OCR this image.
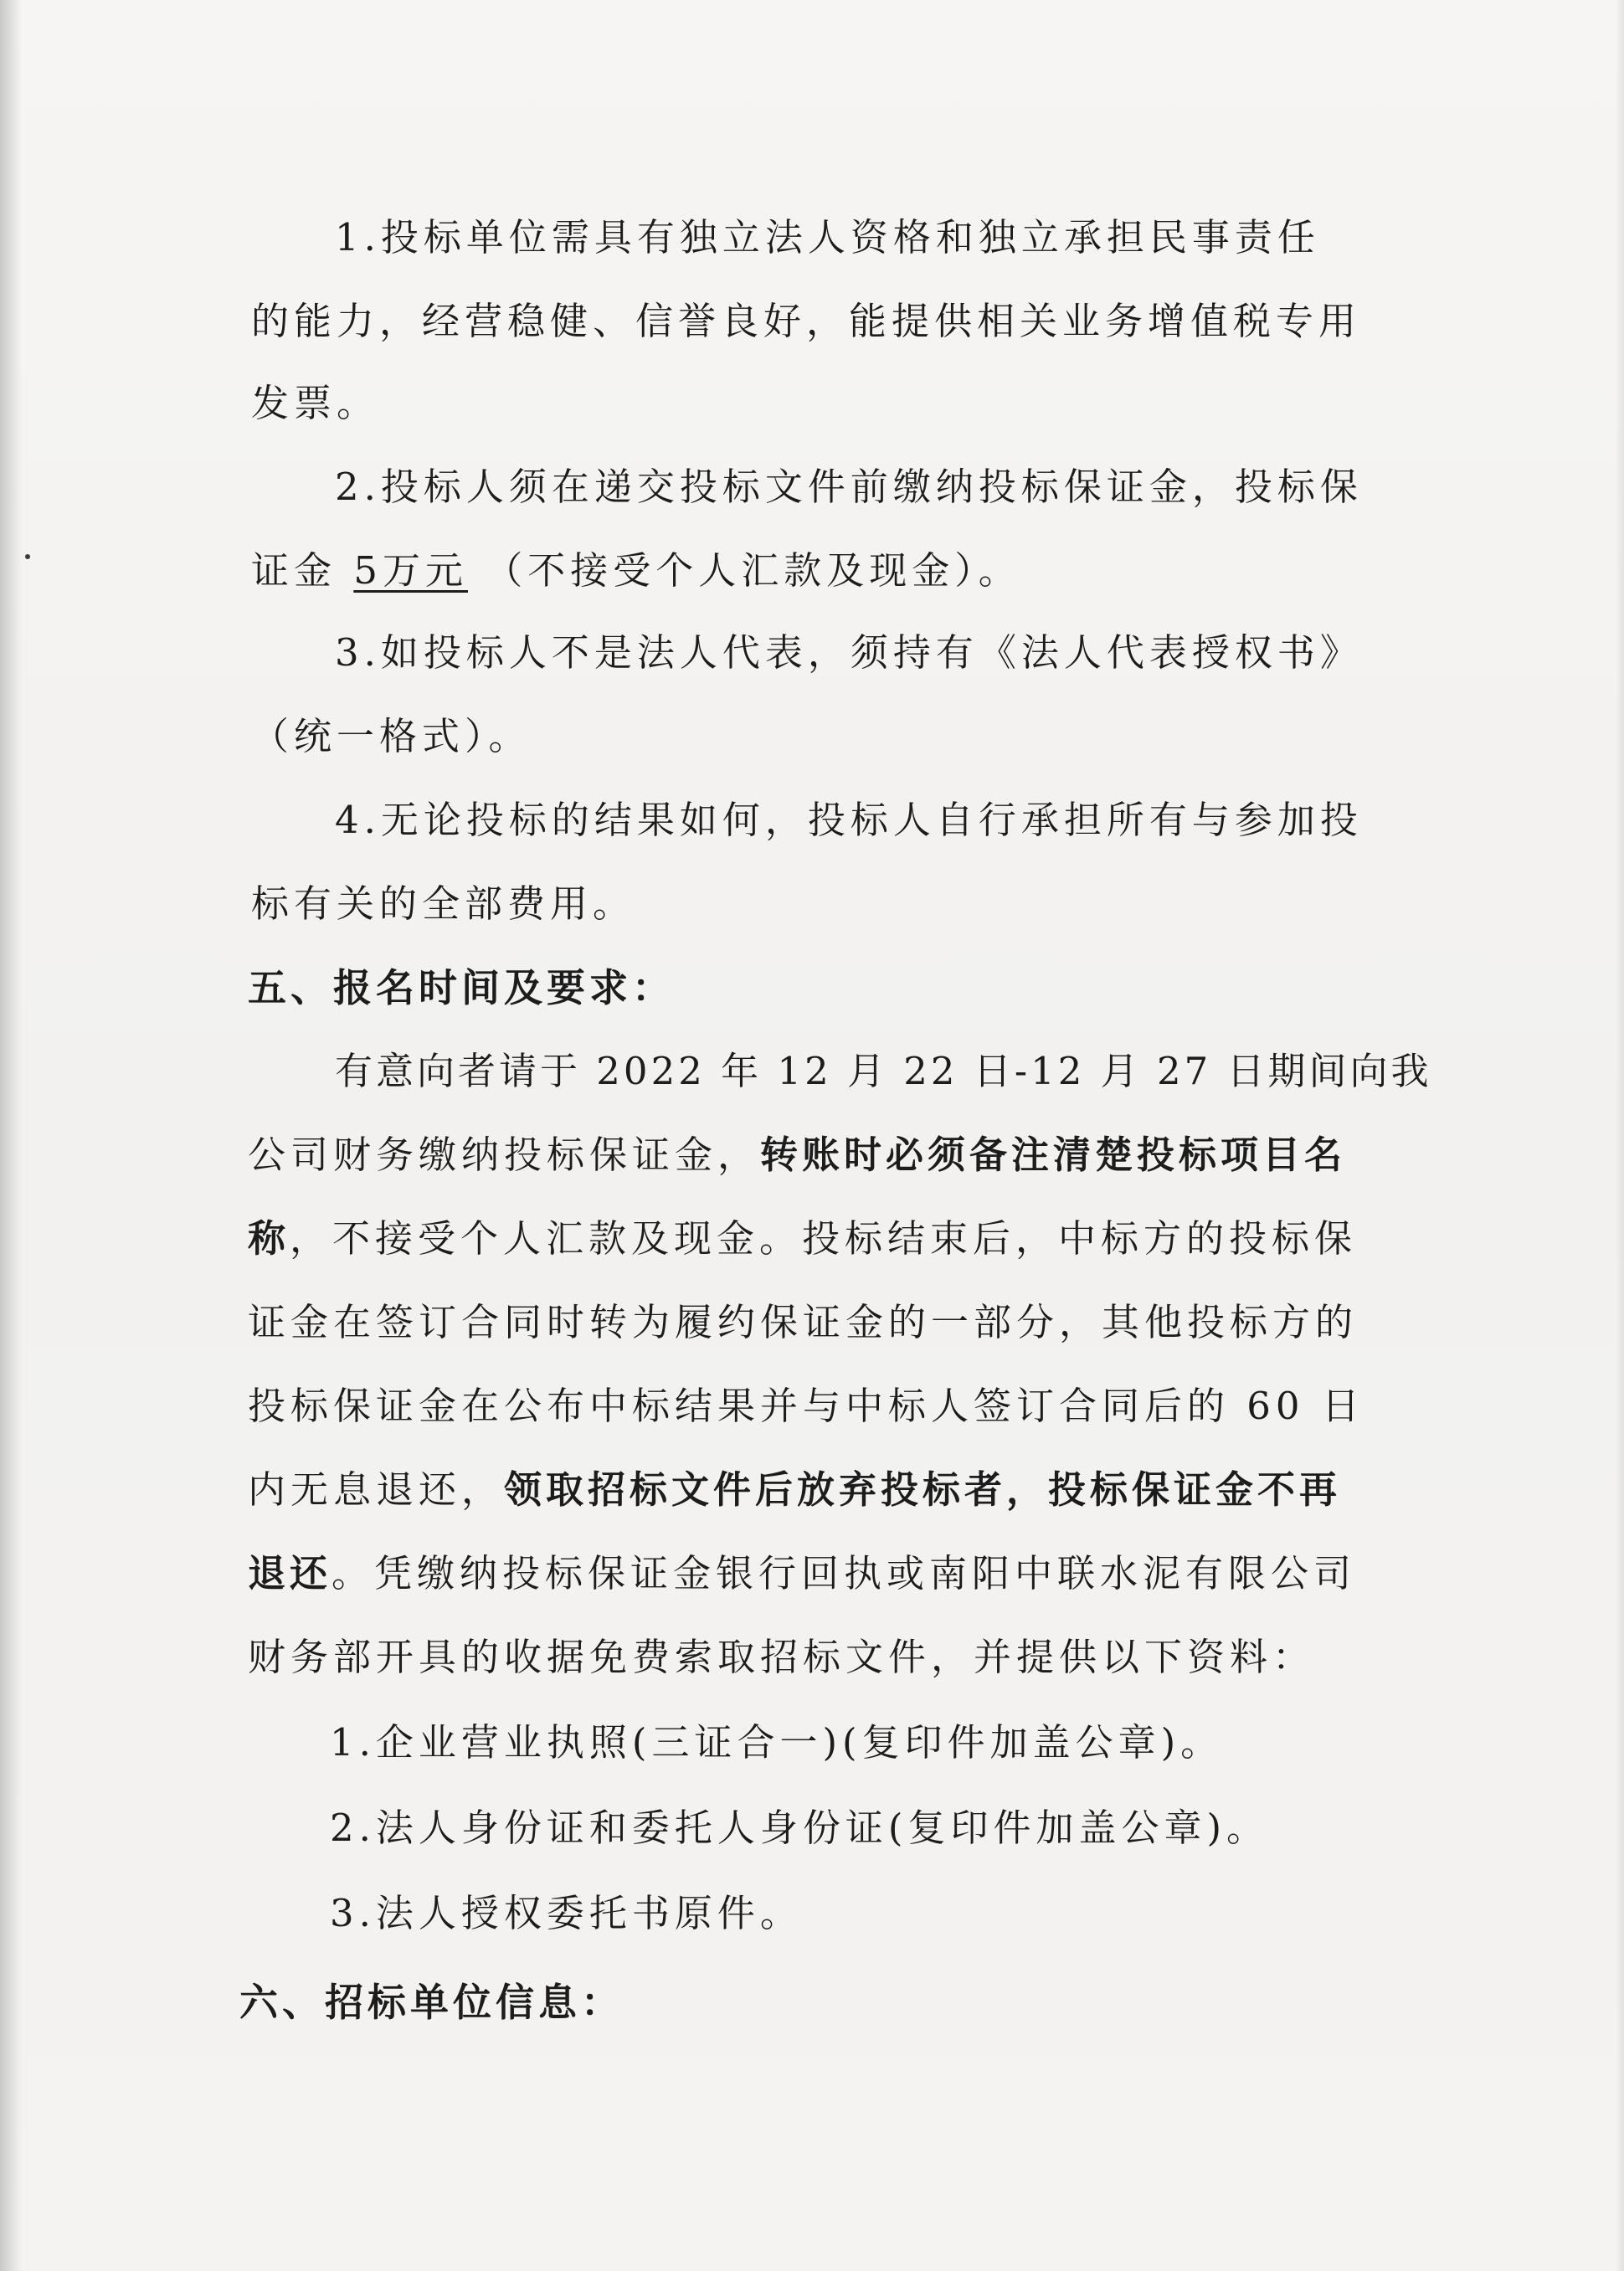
1.投标单位需具有独立法人资格和独立承担民事责任
的能力，经营稳健、信誉良好，能提供相关业务增值税专用
发票。
2.投标人须在递交投标文件前缴纳投标保证金，投标保
证金 5万元 （不接受个人汇款及现金）。
3.如投标人不是法人代表，须持有《法人代表授权书》
（统一格式）。
4.无论投标的结果如何，投标人自行承担所有与参加投
标有关的全部费用。
五、报名时间及要求：
有意向者请于 2022 年 12 月 22 日-12 月 27 日期间向我
公司财务缴纳投标保证金，转账时必须备注清楚投标项目名
称，不接受个人汇款及现金。投标结束后，中标方的投标保
证金在签订合同时转为履约保证金的一部分，其他投标方的
投标保证金在公布中标结果并与中标人签订合同后的 60 日
内无息退还，领取招标文件后放弃投标者，投标保证金不再
退还。凭缴纳投标保证金银行回执或南阳中联水泥有限公司
财务部开具的收据免费索取招标文件，并提供以下资料：
1.企业营业执照(三证合一)(复印件加盖公章)。
2.法人身份证和委托人身份证(复印件加盖公章)。
3.法人授权委托书原件。
六、招标单位信息：
